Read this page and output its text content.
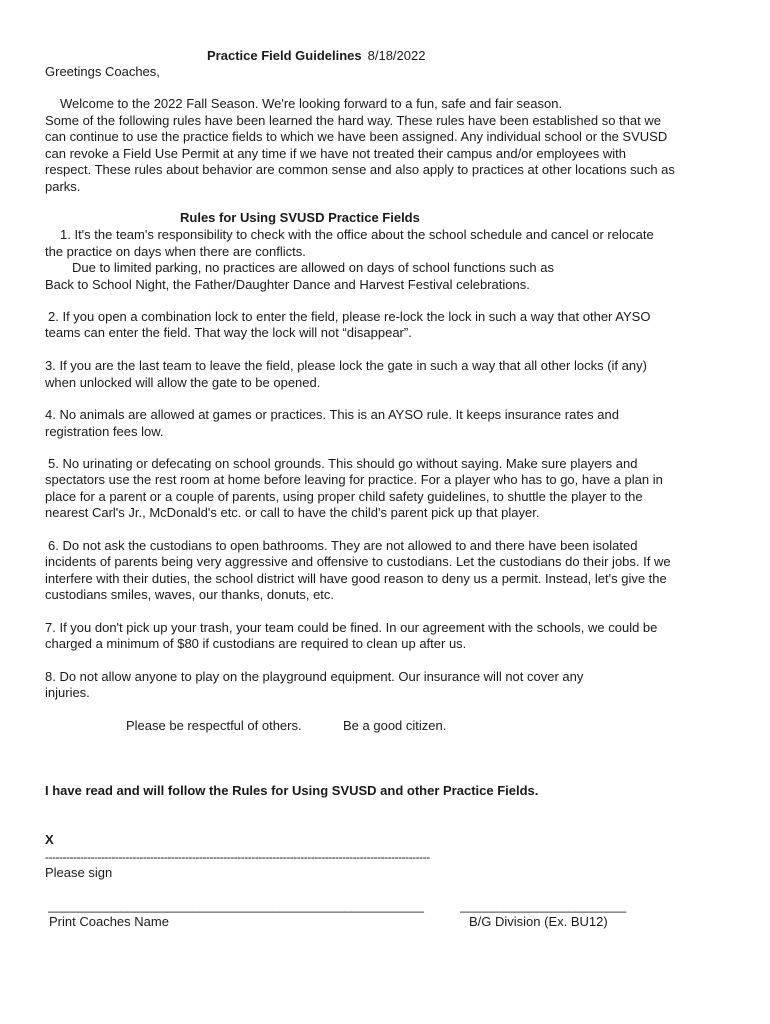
Practice Field Guidelines 8/18/2022
Greetings Coaches,
Welcome to the 2022 Fall Season. We're looking forward to a fun, safe and fair season.
Some of the following rules have been learned the hard way. These rules have been established so that we
can continue to use the practice fields to which we have been assigned. Any individual school or the SVUSD
can revoke a Field Use Permit at any time if we have not treated their campus and/or employees with
respect. These rules about behavior are common sense and also apply to practices at other locations such as
parks.
Rules for Using SVUSD Practice Fields
1. It's the team's responsibility to check with the office about the school schedule and cancel or relocate
the practice on days when there are conflicts.
Due to limited parking, no practices are allowed on days of school functions such as
Back to School Night, the Father/Daughter Dance and Harvest Festival celebrations.
2. If you open a combination lock to enter the field, please re-lock the lock in such a way that other AYSO
teams can enter the field. That way the lock will not “disappear”.
3. If you are the last team to leave the field, please lock the gate in such a way that all other locks (if any)
when unlocked will allow the gate to be opened.
4. No animals are allowed at games or practices. This is an AYSO rule. It keeps insurance rates and
registration fees low.
5. No urinating or defecating on school grounds. This should go without saying. Make sure players and
spectators use the rest room at home before leaving for practice. For a player who has to go, have a plan in
place for a parent or a couple of parents, using proper child safety guidelines, to shuttle the player to the
nearest Carl's Jr., McDonald's etc. or call to have the child's parent pick up that player.
6. Do not ask the custodians to open bathrooms. They are not allowed to and there have been isolated
incidents of parents being very aggressive and offensive to custodians. Let the custodians do their jobs. If we
interfere with their duties, the school district will have good reason to deny us a permit. Instead, let's give the
custodians smiles, waves, our thanks, donuts, etc.
7. If you don't pick up your trash, your team could be fined. In our agreement with the schools, we could be
charged a minimum of $80 if custodians are required to clean up after us.
8. Do not allow anyone to play on the playground equipment. Our insurance will not cover any
injuries.
Please be respectful of others.	Be a good citizen.
I have read and will follow the Rules for Using SVUSD and other Practice Fields.
X
--------------------------------------------------------------------------------------------------------------
Please sign
____________________________________________________
Print Coaches Name
_______________________
B/G Division (Ex. BU12)
